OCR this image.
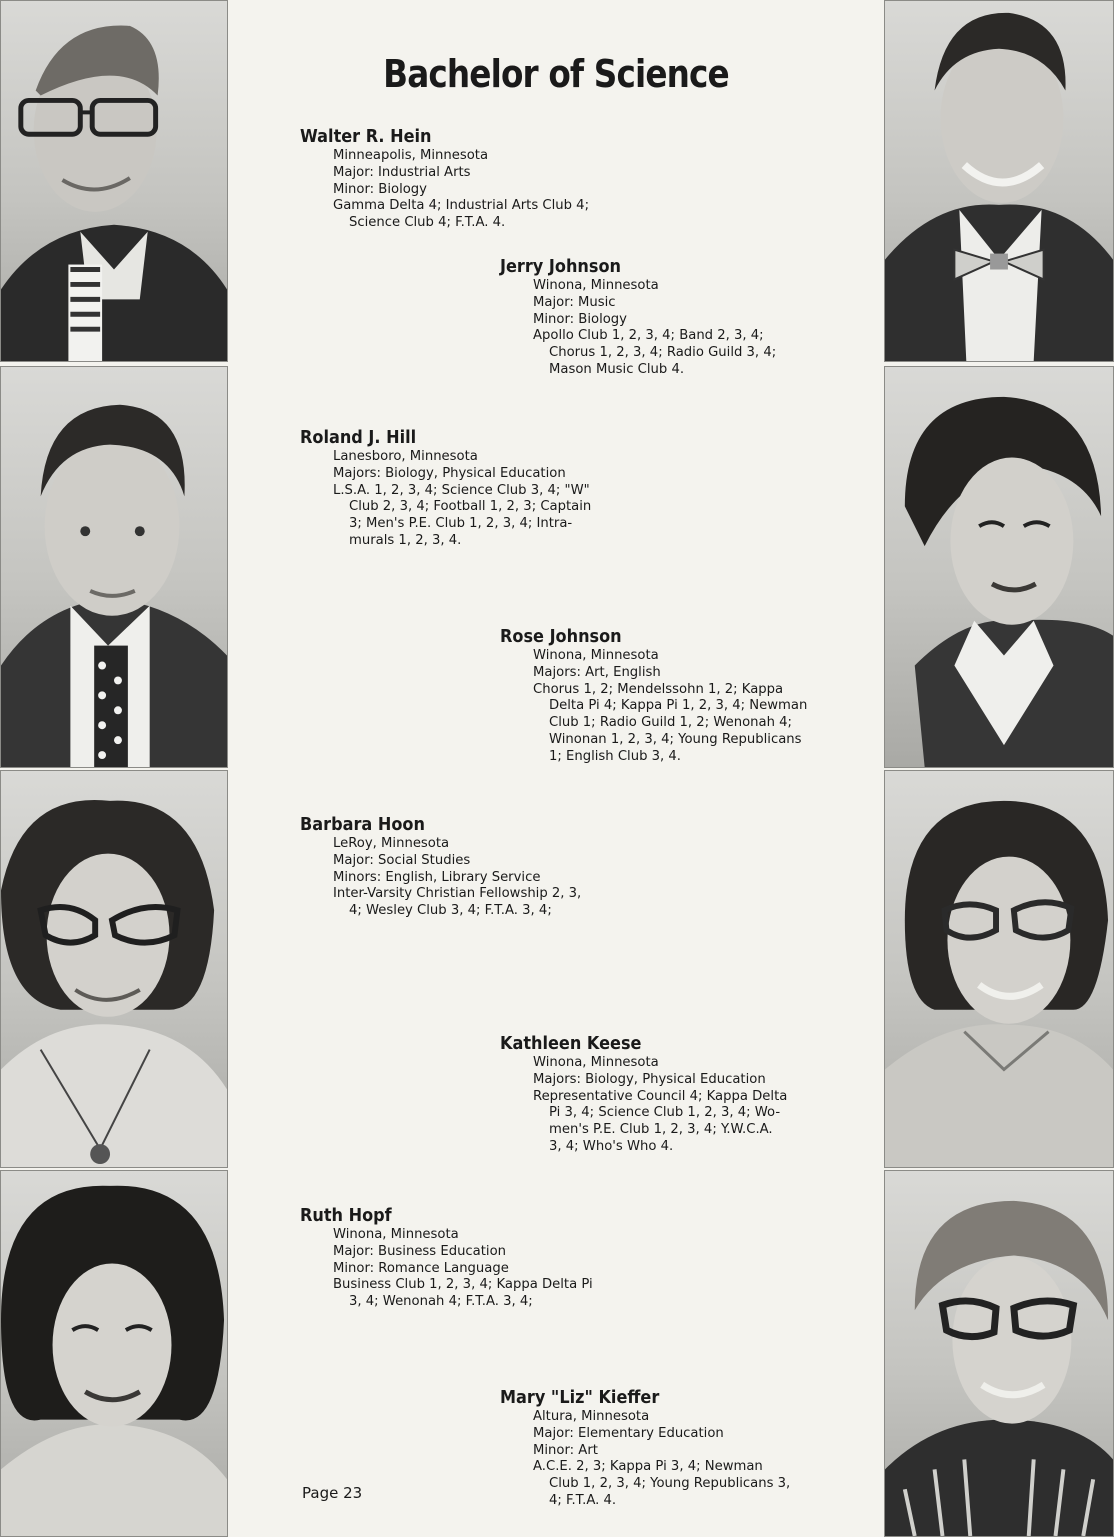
Bachelor of Science
Walter R. Hein
Minneapolis, Minnesota
Major: Industrial Arts
Minor: Biology
Gamma Delta 4; Industrial Arts Club 4;
Science Club 4; F.T.A. 4.
Jerry Johnson
Winona, Minnesota
Major: Music
Minor: Biology
Apollo Club 1, 2, 3, 4; Band 2, 3, 4;
Chorus 1, 2, 3, 4; Radio Guild 3, 4;
Mason Music Club 4.
Roland J. Hill
Lanesboro, Minnesota
Majors: Biology, Physical Education
L.S.A. 1, 2, 3, 4; Science Club 3, 4; "W"
Club 2, 3, 4; Football 1, 2, 3; Captain
3; Men's P.E. Club 1, 2, 3, 4; Intra-
murals 1, 2, 3, 4.
Rose Johnson
Winona, Minnesota
Majors: Art, English
Chorus 1, 2; Mendelssohn 1, 2; Kappa
Delta Pi 4; Kappa Pi 1, 2, 3, 4; Newman
Club 1; Radio Guild 1, 2; Wenonah 4;
Winonan 1, 2, 3, 4; Young Republicans
1; English Club 3, 4.
Barbara Hoon
LeRoy, Minnesota
Major: Social Studies
Minors: English, Library Service
Inter-Varsity Christian Fellowship 2, 3,
4; Wesley Club 3, 4; F.T.A. 3, 4;
Kathleen Keese
Winona, Minnesota
Majors: Biology, Physical Education
Representative Council 4; Kappa Delta
Pi 3, 4; Science Club 1, 2, 3, 4; Wo-
men's P.E. Club 1, 2, 3, 4; Y.W.C.A.
3, 4; Who's Who 4.
Ruth Hopf
Winona, Minnesota
Major: Business Education
Minor: Romance Language
Business Club 1, 2, 3, 4; Kappa Delta Pi
3, 4; Wenonah 4; F.T.A. 3, 4;
Mary "Liz" Kieffer
Altura, Minnesota
Major: Elementary Education
Minor: Art
A.C.E. 2, 3; Kappa Pi 3, 4; Newman
Club 1, 2, 3, 4; Young Republicans 3,
4; F.T.A. 4.
Page 23
